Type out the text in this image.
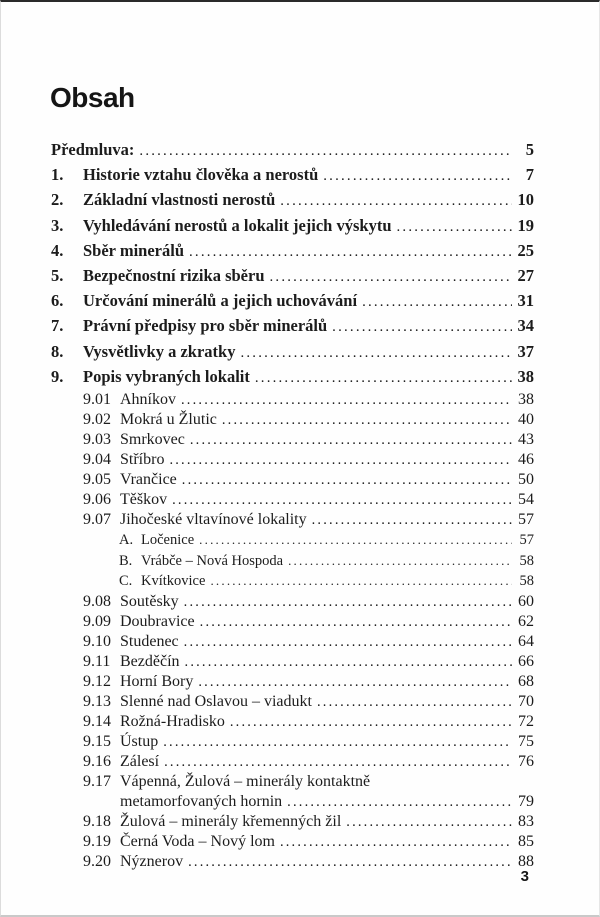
Obsah
Předmluva: .....	5
1.	Historie vztahu člověka a nerostů .....	7
2.	Základní vlastnosti nerostů .....	10
3.	Vyhledávání nerostů a lokalit jejich výskytu .....	19
4.	Sběr minerálů .....	25
5.	Bezpečnostní rizika sběru .....	27
6.	Určování minerálů a jejich uchovávání .....	31
7.	Právní předpisy pro sběr minerálů .....	34
8.	Vysvětlivky a zkratky .....	37
9.	Popis vybraných lokalit .....	38
9.01 Ahníkov .....	38
9.02 Mokrá u Žlutic .....	40
9.03 Smrkovec .....	43
9.04 Stříbro .....	46
9.05 Vrančice .....	50
9.06 Těškov .....	54
9.07 Jihočeské vltavínové lokality .....	57
A. Ločenice .....	57
B. Vrábče – Nová Hospoda .....	58
C. Kvítkovice .....	58
9.08 Soutěsky .....	60
9.09 Doubravice .....	62
9.10 Studenec .....	64
9.11 Bezděčín .....	66
9.12 Horní Bory .....	68
9.13 Slenné nad Oslavou – viadukt .....	70
9.14 Rožná-Hradisko .....	72
9.15 Ústup .....	75
9.16 Zálesí .....	76
9.17 Vápenná, Žulová – minerály kontaktně
metamorfovaných hornin .....	79
9.18 Žulová – minerály křemenných žil .....	83
9.19 Černá Voda – Nový lom .....	85
9.20 Nýznerov .....	88
3
